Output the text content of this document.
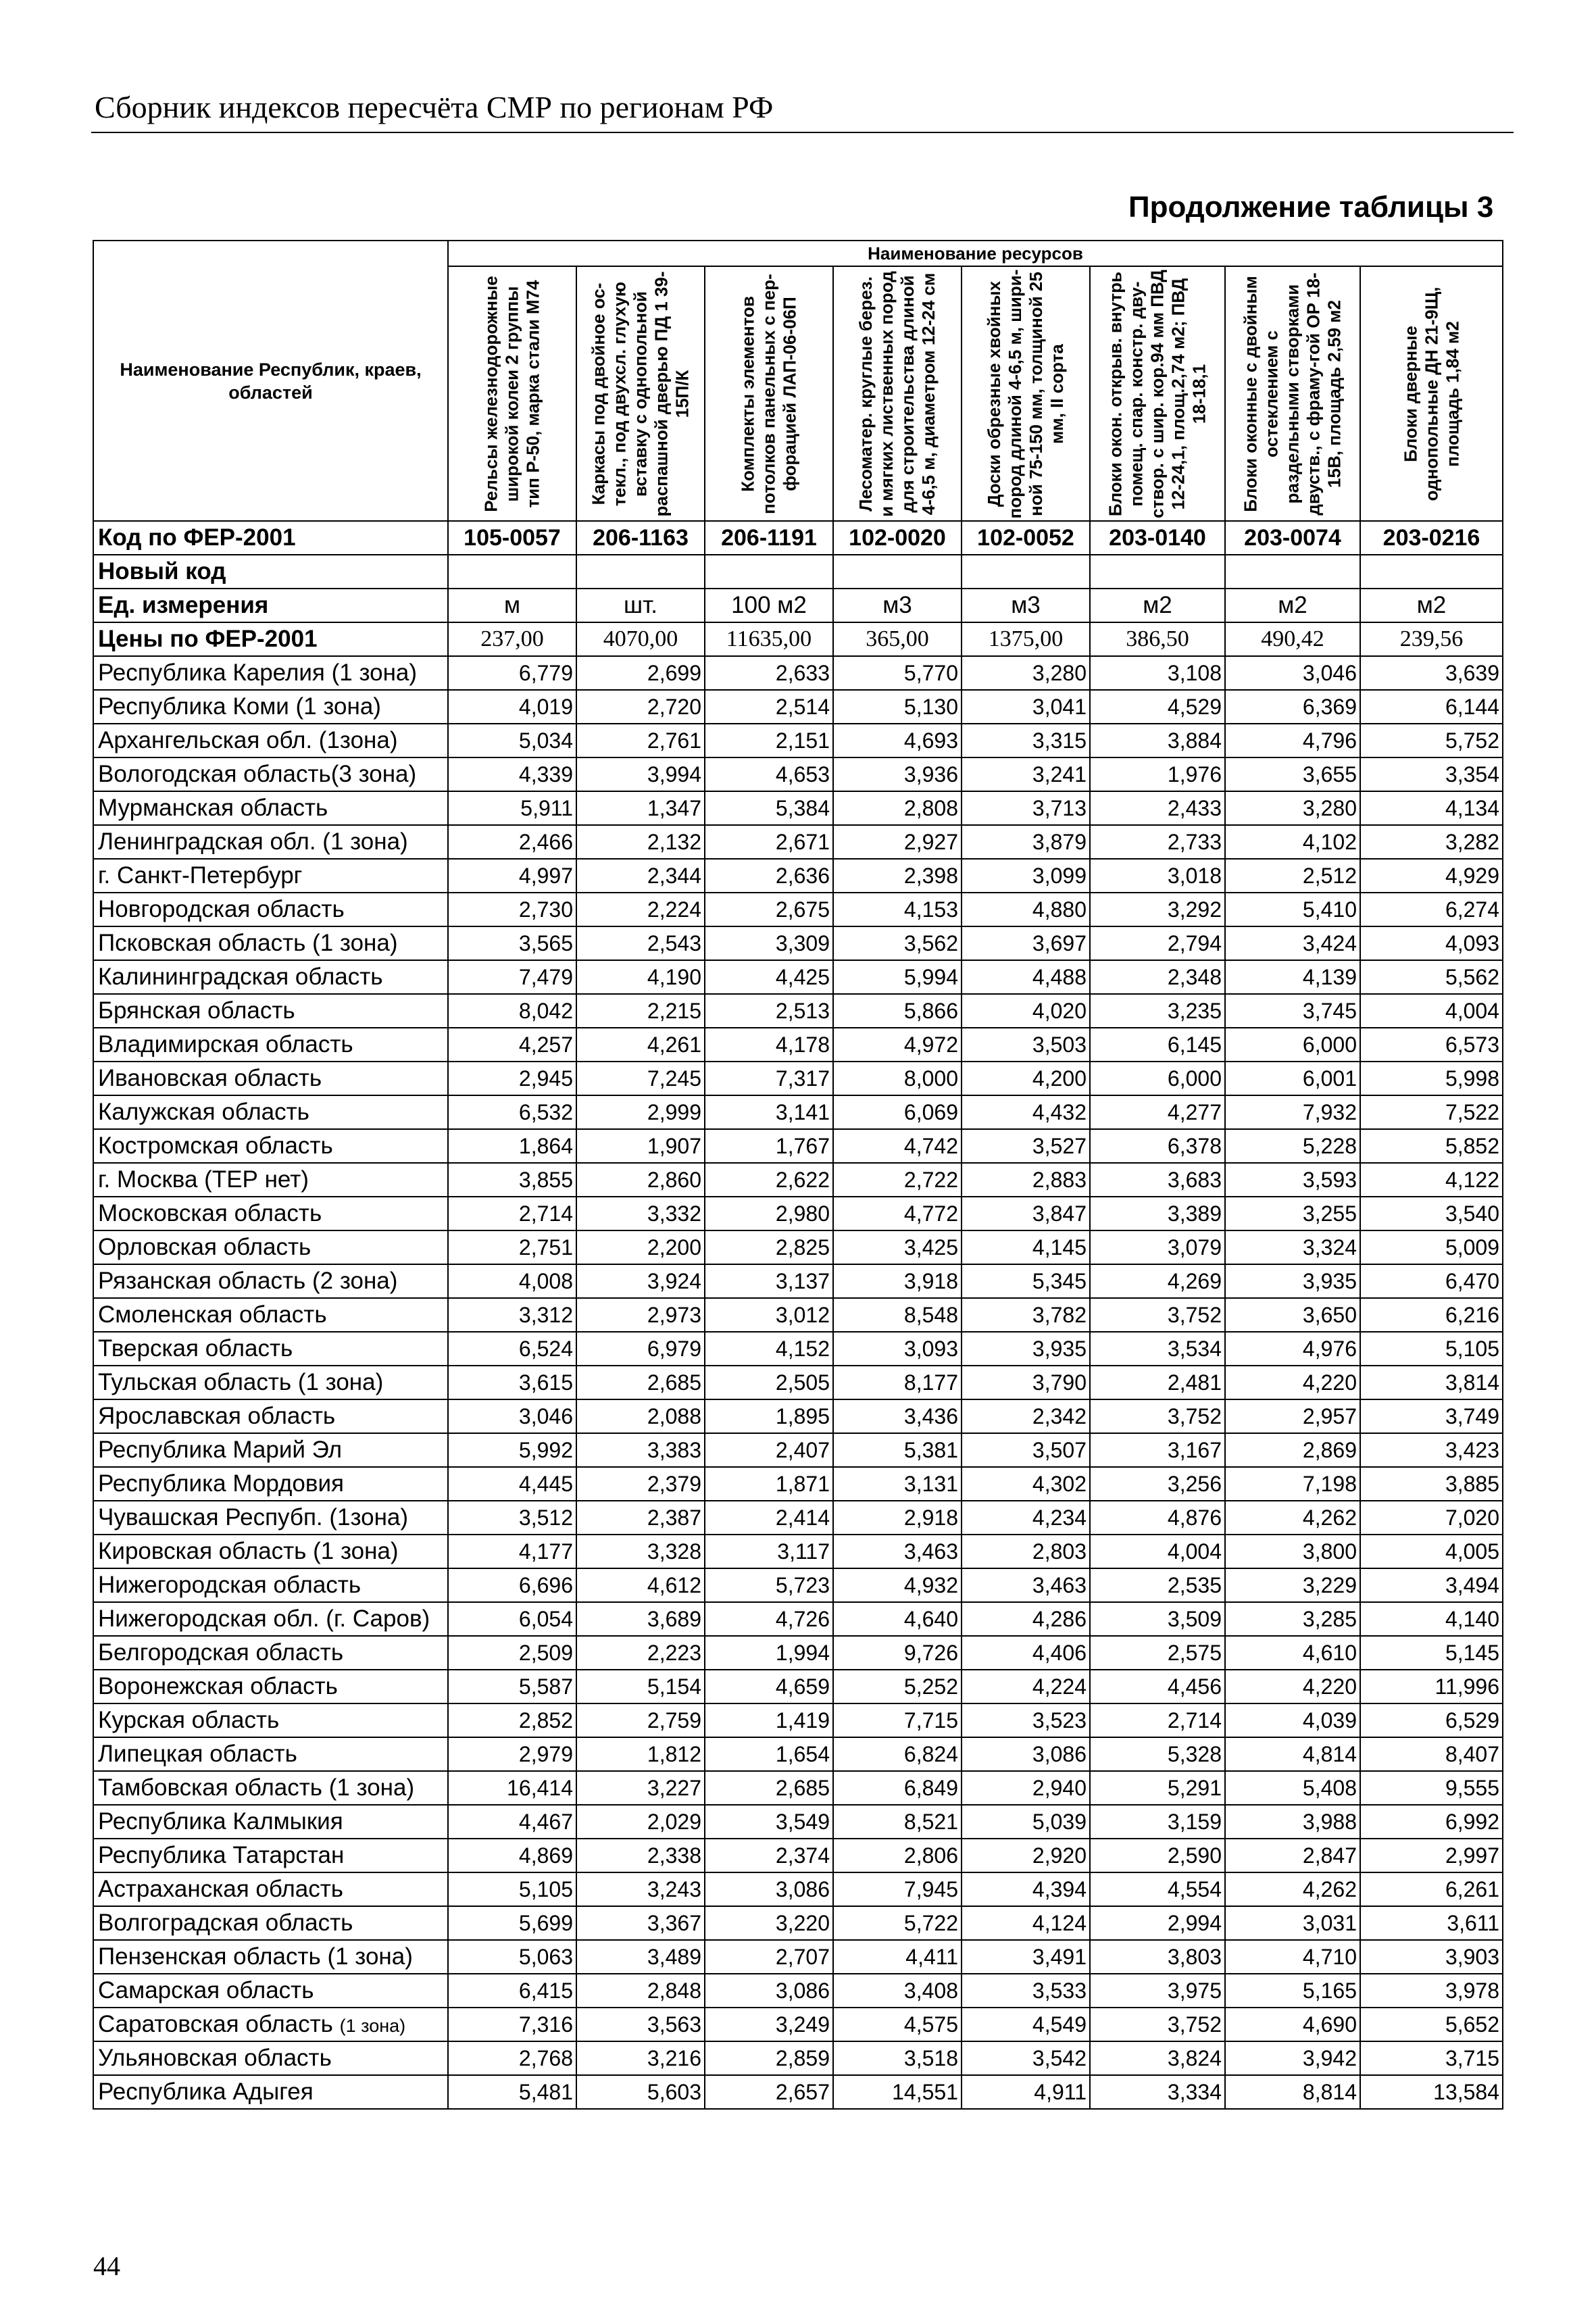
Сборник индексов пересчёта СМР по регионам РФ
Продолжение таблицы 3
Наименование Республик, краев, областей	Наименование ресурсов							

	Рельсы железнодорожные широкой колеи 2 группы тип Р-50, марка стали М74	Каркасы под двойное ос-текл., под двухсл. глухую вставку с однопольной распашной дверью ПД 1 39-15П/К	Комплекты элементов потолков панельных с пер-форацией ЛАП-06-06П	Лесоматер. круглые берез. и мягких лиственных пород для строительства длиной 4-6,5 м, диаметром 12-24 см	Доски обрезные хвойных пород длиной 4-6,5 м, шири-ной 75-150 мм, толщиной 25 мм, II сорта	Блоки окон. открыв. внутрь помещ. спар. констр. дву-створ. с шир. кор.94 мм ПВД 12-24,1, площ.2,74 м2; ПВД 18-18,1	Блоки оконные с двойным остеклением с раздельными створками двуств., с фраму-гой ОР 18-15В, площадь 2,59 м2	Блоки дверные однопольные ДН 21-9Щ, площадь 1,84 м2

Код по ФЕР-2001	105-0057	206-1163	206-1191	102-0020	102-0052	203-0140	203-0074	203-0216
Новый код								
Ед. измерения	м	шт.	100 м2	м3	м3	м2	м2	м2
Цены по ФЕР-2001	237,00	4070,00	11635,00	365,00	1375,00	386,50	490,42	239,56
Республика Карелия (1 зона)	6,779	2,699	2,633	5,770	3,280	3,108	3,046	3,639
Республика Коми (1 зона)	4,019	2,720	2,514	5,130	3,041	4,529	6,369	6,144
Архангельская обл. (1зона)	5,034	2,761	2,151	4,693	3,315	3,884	4,796	5,752
Вологодская область(3 зона)	4,339	3,994	4,653	3,936	3,241	1,976	3,655	3,354
Мурманская область	5,911	1,347	5,384	2,808	3,713	2,433	3,280	4,134
Ленинградская обл. (1 зона)	2,466	2,132	2,671	2,927	3,879	2,733	4,102	3,282
г. Санкт-Петербург	4,997	2,344	2,636	2,398	3,099	3,018	2,512	4,929
Новгородская область	2,730	2,224	2,675	4,153	4,880	3,292	5,410	6,274
Псковская область (1 зона)	3,565	2,543	3,309	3,562	3,697	2,794	3,424	4,093
Калининградская область	7,479	4,190	4,425	5,994	4,488	2,348	4,139	5,562
Брянская область	8,042	2,215	2,513	5,866	4,020	3,235	3,745	4,004
Владимирская область	4,257	4,261	4,178	4,972	3,503	6,145	6,000	6,573
Ивановская область	2,945	7,245	7,317	8,000	4,200	6,000	6,001	5,998
Калужская область	6,532	2,999	3,141	6,069	4,432	4,277	7,932	7,522
Костромская область	1,864	1,907	1,767	4,742	3,527	6,378	5,228	5,852
г. Москва (ТЕР нет)	3,855	2,860	2,622	2,722	2,883	3,683	3,593	4,122
Московская область	2,714	3,332	2,980	4,772	3,847	3,389	3,255	3,540
Орловская область	2,751	2,200	2,825	3,425	4,145	3,079	3,324	5,009
Рязанская область (2 зона)	4,008	3,924	3,137	3,918	5,345	4,269	3,935	6,470
Смоленская область	3,312	2,973	3,012	8,548	3,782	3,752	3,650	6,216
Тверская область	6,524	6,979	4,152	3,093	3,935	3,534	4,976	5,105
Тульская область (1 зона)	3,615	2,685	2,505	8,177	3,790	2,481	4,220	3,814
Ярославская область	3,046	2,088	1,895	3,436	2,342	3,752	2,957	3,749
Республика Марий Эл	5,992	3,383	2,407	5,381	3,507	3,167	2,869	3,423
Республика Мордовия	4,445	2,379	1,871	3,131	4,302	3,256	7,198	3,885
Чувашская Респубп. (1зона)	3,512	2,387	2,414	2,918	4,234	4,876	4,262	7,020
Кировская область (1 зона)	4,177	3,328	3,117	3,463	2,803	4,004	3,800	4,005
Нижегородская область	6,696	4,612	5,723	4,932	3,463	2,535	3,229	3,494
Нижегородская обл. (г. Саров)	6,054	3,689	4,726	4,640	4,286	3,509	3,285	4,140
Белгородская область	2,509	2,223	1,994	9,726	4,406	2,575	4,610	5,145
Воронежская область	5,587	5,154	4,659	5,252	4,224	4,456	4,220	11,996
Курская область	2,852	2,759	1,419	7,715	3,523	2,714	4,039	6,529
Липецкая область	2,979	1,812	1,654	6,824	3,086	5,328	4,814	8,407
Тамбовская область (1 зона)	16,414	3,227	2,685	6,849	2,940	5,291	5,408	9,555
Республика Калмыкия	4,467	2,029	3,549	8,521	5,039	3,159	3,988	6,992
Республика Татарстан	4,869	2,338	2,374	2,806	2,920	2,590	2,847	2,997
Астраханская область	5,105	3,243	3,086	7,945	4,394	4,554	4,262	6,261
Волгоградская область	5,699	3,367	3,220	5,722	4,124	2,994	3,031	3,611
Пензенская область (1 зона)	5,063	3,489	2,707	4,411	3,491	3,803	4,710	3,903
Самарская область	6,415	2,848	3,086	3,408	3,533	3,975	5,165	3,978
Саратовская область (1 зона)	7,316	3,563	3,249	4,575	4,549	3,752	4,690	5,652
Ульяновская область	2,768	3,216	2,859	3,518	3,542	3,824	3,942	3,715
Республика Адыгея	5,481	5,603	2,657	14,551	4,911	3,334	8,814	13,584
44
